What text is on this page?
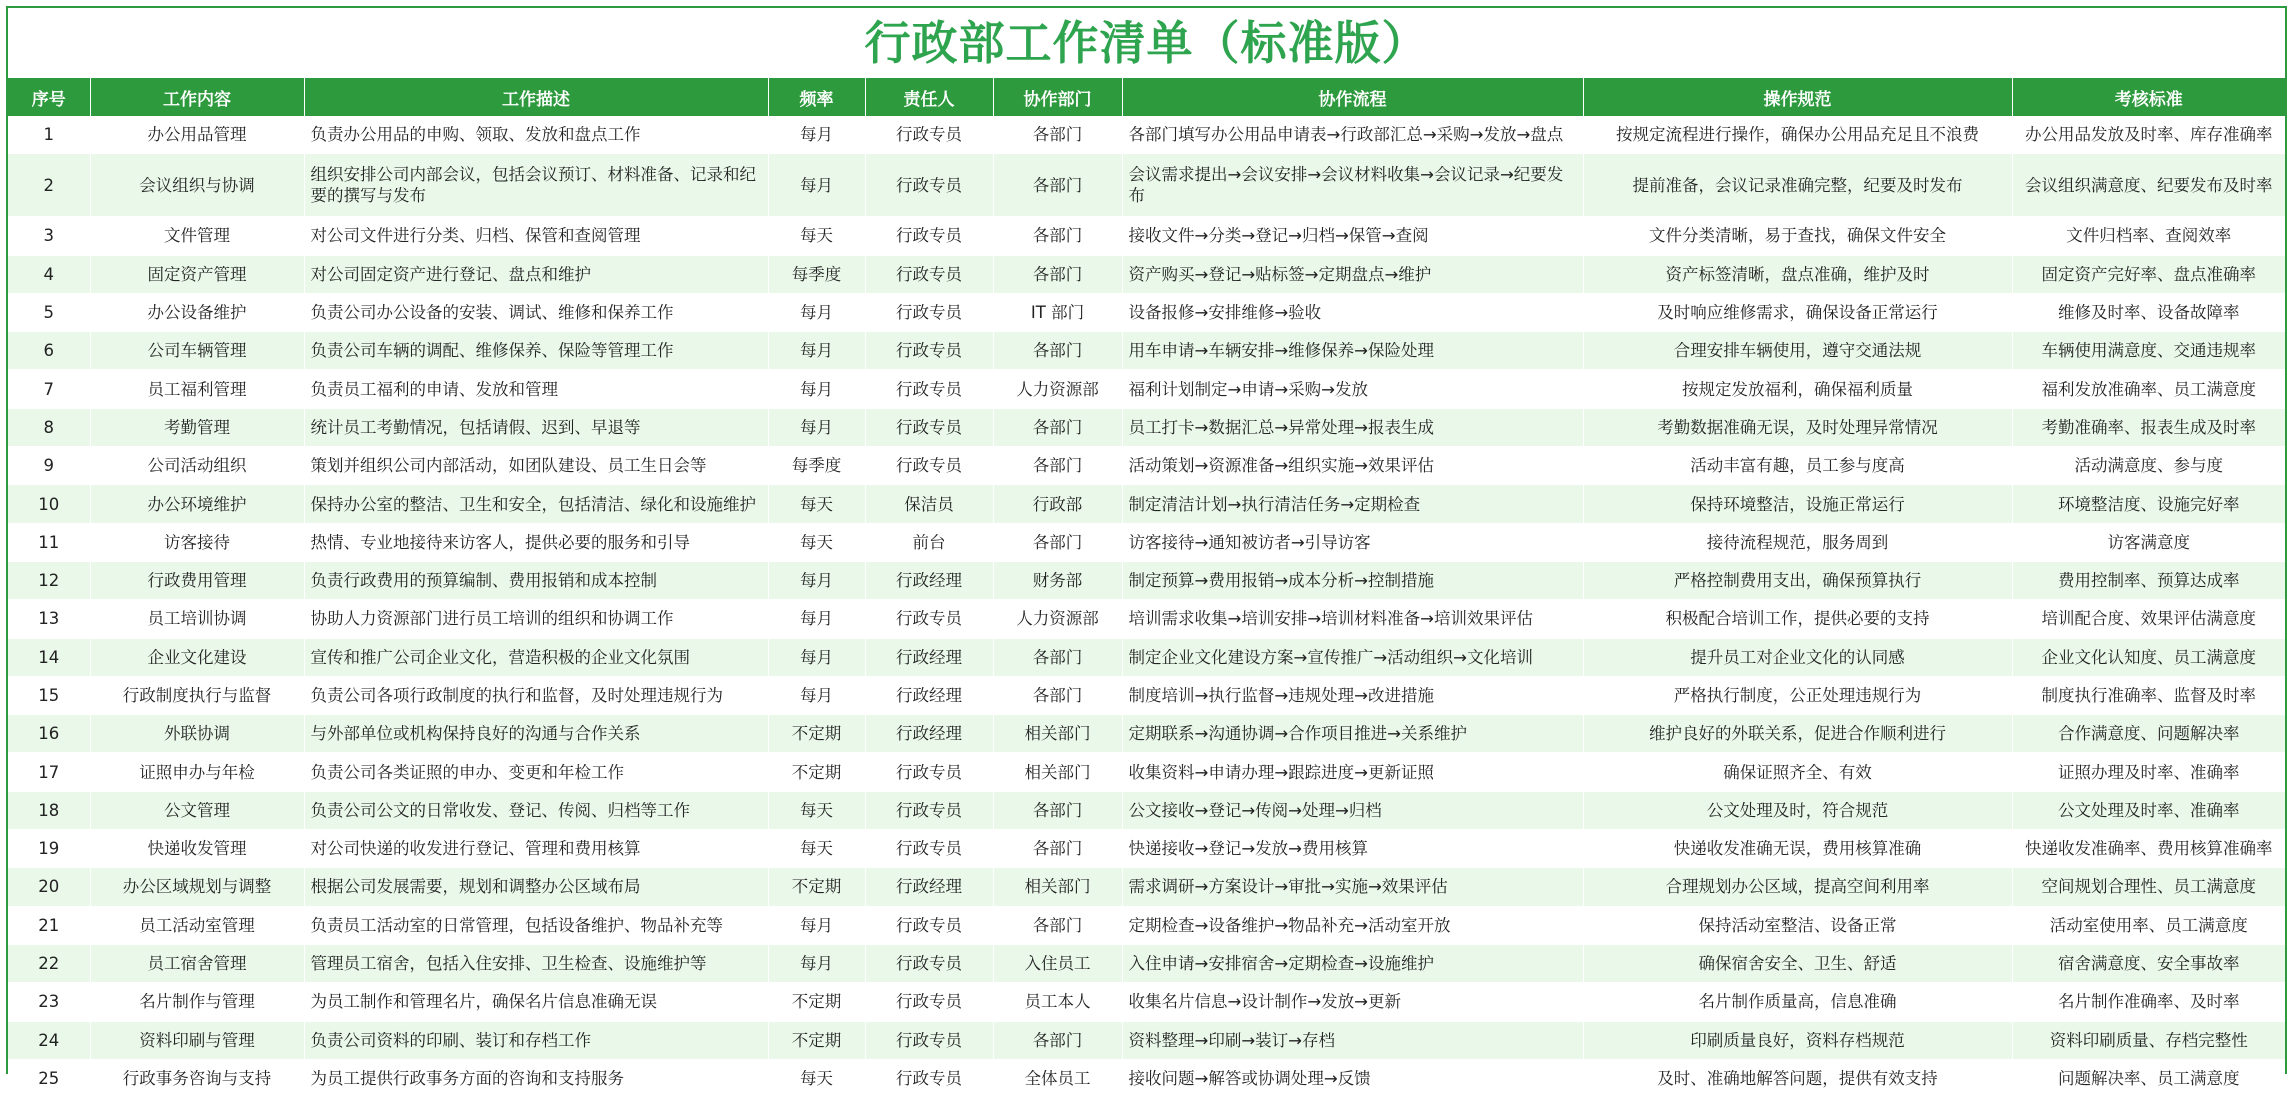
行政部工作清单（标准版）
序号	工作内容	工作描述	频率	责任人	协作部门	协作流程	操作规范	考核标准
1	办公用品管理	负责办公用品的申购、领取、发放和盘点工作	每月	行政专员	各部门	各部门填写办公用品申请表→行政部汇总→采购→发放→盘点	按规定流程进行操作，确保办公用品充足且不浪费	办公用品发放及时率、库存准确率
2	会议组织与协调	组织安排公司内部会议，包括会议预订、材料准备、记录和纪要的撰写与发布	每月	行政专员	各部门	会议需求提出→会议安排→会议材料收集→会议记录→纪要发布	提前准备，会议记录准确完整，纪要及时发布	会议组织满意度、纪要发布及时率
3	文件管理	对公司文件进行分类、归档、保管和查阅管理	每天	行政专员	各部门	接收文件→分类→登记→归档→保管→查阅	文件分类清晰，易于查找，确保文件安全	文件归档率、查阅效率
4	固定资产管理	对公司固定资产进行登记、盘点和维护	每季度	行政专员	各部门	资产购买→登记→贴标签→定期盘点→维护	资产标签清晰，盘点准确，维护及时	固定资产完好率、盘点准确率
5	办公设备维护	负责公司办公设备的安装、调试、维修和保养工作	每月	行政专员	IT 部门	设备报修→安排维修→验收	及时响应维修需求，确保设备正常运行	维修及时率、设备故障率
6	公司车辆管理	负责公司车辆的调配、维修保养、保险等管理工作	每月	行政专员	各部门	用车申请→车辆安排→维修保养→保险处理	合理安排车辆使用，遵守交通法规	车辆使用满意度、交通违规率
7	员工福利管理	负责员工福利的申请、发放和管理	每月	行政专员	人力资源部	福利计划制定→申请→采购→发放	按规定发放福利，确保福利质量	福利发放准确率、员工满意度
8	考勤管理	统计员工考勤情况，包括请假、迟到、早退等	每月	行政专员	各部门	员工打卡→数据汇总→异常处理→报表生成	考勤数据准确无误，及时处理异常情况	考勤准确率、报表生成及时率
9	公司活动组织	策划并组织公司内部活动，如团队建设、员工生日会等	每季度	行政专员	各部门	活动策划→资源准备→组织实施→效果评估	活动丰富有趣，员工参与度高	活动满意度、参与度
10	办公环境维护	保持办公室的整洁、卫生和安全，包括清洁、绿化和设施维护	每天	保洁员	行政部	制定清洁计划→执行清洁任务→定期检查	保持环境整洁，设施正常运行	环境整洁度、设施完好率
11	访客接待	热情、专业地接待来访客人，提供必要的服务和引导	每天	前台	各部门	访客接待→通知被访者→引导访客	接待流程规范，服务周到	访客满意度
12	行政费用管理	负责行政费用的预算编制、费用报销和成本控制	每月	行政经理	财务部	制定预算→费用报销→成本分析→控制措施	严格控制费用支出，确保预算执行	费用控制率、预算达成率
13	员工培训协调	协助人力资源部门进行员工培训的组织和协调工作	每月	行政专员	人力资源部	培训需求收集→培训安排→培训材料准备→培训效果评估	积极配合培训工作，提供必要的支持	培训配合度、效果评估满意度
14	企业文化建设	宣传和推广公司企业文化，营造积极的企业文化氛围	每月	行政经理	各部门	制定企业文化建设方案→宣传推广→活动组织→文化培训	提升员工对企业文化的认同感	企业文化认知度、员工满意度
15	行政制度执行与监督	负责公司各项行政制度的执行和监督，及时处理违规行为	每月	行政经理	各部门	制度培训→执行监督→违规处理→改进措施	严格执行制度，公正处理违规行为	制度执行准确率、监督及时率
16	外联协调	与外部单位或机构保持良好的沟通与合作关系	不定期	行政经理	相关部门	定期联系→沟通协调→合作项目推进→关系维护	维护良好的外联关系，促进合作顺利进行	合作满意度、问题解决率
17	证照申办与年检	负责公司各类证照的申办、变更和年检工作	不定期	行政专员	相关部门	收集资料→申请办理→跟踪进度→更新证照	确保证照齐全、有效	证照办理及时率、准确率
18	公文管理	负责公司公文的日常收发、登记、传阅、归档等工作	每天	行政专员	各部门	公文接收→登记→传阅→处理→归档	公文处理及时，符合规范	公文处理及时率、准确率
19	快递收发管理	对公司快递的收发进行登记、管理和费用核算	每天	行政专员	各部门	快递接收→登记→发放→费用核算	快递收发准确无误，费用核算准确	快递收发准确率、费用核算准确率
20	办公区域规划与调整	根据公司发展需要，规划和调整办公区域布局	不定期	行政经理	相关部门	需求调研→方案设计→审批→实施→效果评估	合理规划办公区域，提高空间利用率	空间规划合理性、员工满意度
21	员工活动室管理	负责员工活动室的日常管理，包括设备维护、物品补充等	每月	行政专员	各部门	定期检查→设备维护→物品补充→活动室开放	保持活动室整洁、设备正常	活动室使用率、员工满意度
22	员工宿舍管理	管理员工宿舍，包括入住安排、卫生检查、设施维护等	每月	行政专员	入住员工	入住申请→安排宿舍→定期检查→设施维护	确保宿舍安全、卫生、舒适	宿舍满意度、安全事故率
23	名片制作与管理	为员工制作和管理名片，确保名片信息准确无误	不定期	行政专员	员工本人	收集名片信息→设计制作→发放→更新	名片制作质量高，信息准确	名片制作准确率、及时率
24	资料印刷与管理	负责公司资料的印刷、装订和存档工作	不定期	行政专员	各部门	资料整理→印刷→装订→存档	印刷质量良好，资料存档规范	资料印刷质量、存档完整性
25	行政事务咨询与支持	为员工提供行政事务方面的咨询和支持服务	每天	行政专员	全体员工	接收问题→解答或协调处理→反馈	及时、准确地解答问题，提供有效支持	问题解决率、员工满意度
